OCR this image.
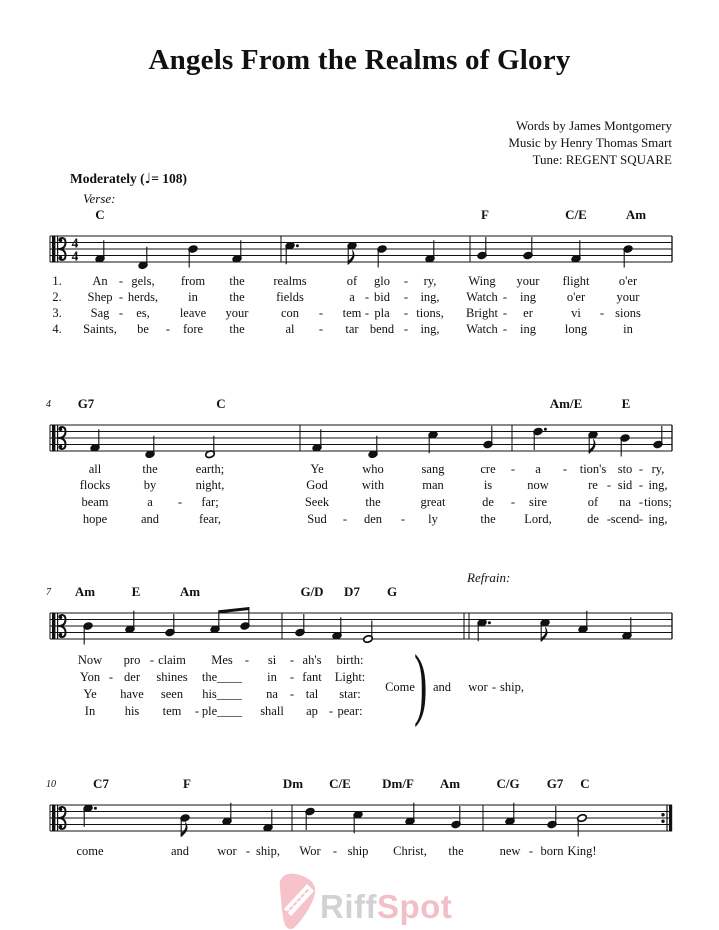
Angels From the Realms of Glory
Words by James Montgomery
Music by Henry Thomas Smart
Tune: REGENT SQUARE
Moderately (♩= 108)
Verse:
Refrain:
RiffSpot
4
4
C	F	C/E	Am
G7	C	Am/E	E
4
Am	E	Am	G/D D7 G
7
C7	F	Dm C/E Dm/F Am	C/G G7 C
10
1. An - gels, from the realms	of glo - ry,	Wing your flight o'er
2. Shep - herds, in	the	fields	a - bid - ing, Watch - ing o'er	your
3. Sag - es, leave your	con - tem - pla - tions, Bright - er	vi - sions
4. Saints, be - fore the	al - tar bend - ing, Watch - ing long	in
all	the	earth;	Ye	who	sang	cre - a - tion's sto - ry,
flocks	by	night,	God	with	man	is	now	re - sid - ing,
beam	a - far;	Seek	the	great	de - sire	of na - tions;
hope	and	fear,	Sud - den - ly	the Lord,	de - scend - ing,
Now pro - claim Mes - si - ah's birth:
Yon - der shines the____ in - fant Light:
Ye have seen his____ na - tal star:
In his tem - ple____ shall ap - pear:
Come and wor - ship,
)
come	and wor - ship, Wor - ship Christ, the	new - born King!
